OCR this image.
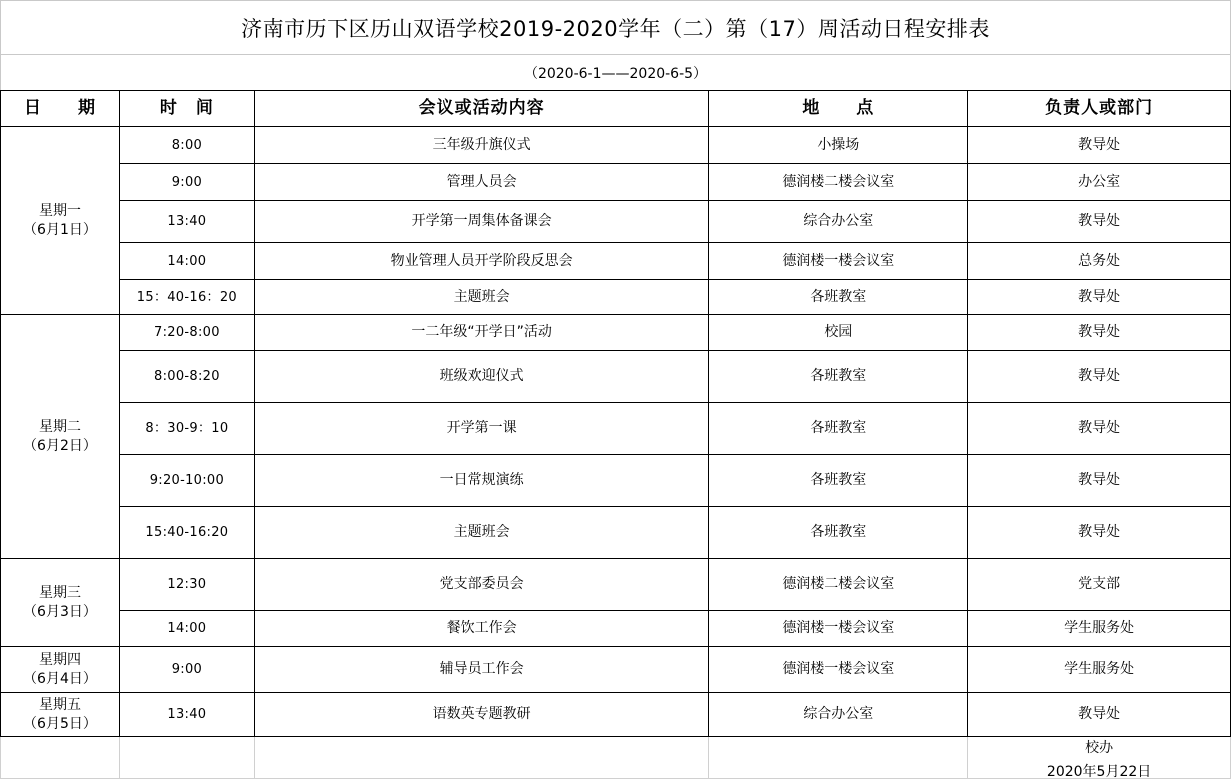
济南市历下区历山双语学校2019-2020学年（二）第（17）周活动日程安排表
（2020-6-1——2020-6-5）
日　　期	时　间	会议或活动内容	地　　点	负责人或部门

星期一
（6月1日）	8:00	三年级升旗仪式	小操场	教导处
	9:00	管理人员会	德润楼二楼会议室	办公室
	13:40	开学第一周集体备课会	综合办公室	教导处
	14:00	物业管理人员开学阶段反思会	德润楼一楼会议室	总务处
	15：40-16：20	主题班会	各班教室	教导处

星期二
（6月2日）	7:20-8:00	一二年级“开学日”活动	校园	教导处
	8:00-8:20	班级欢迎仪式	各班教室	教导处
	8：30-9：10	开学第一课	各班教室	教导处
	9:20-10:00	一日常规演练	各班教室	教导处
	15:40-16:20	主题班会	各班教室	教导处

星期三
（6月3日）	12:30	党支部委员会	德润楼二楼会议室	党支部
	14:00	餐饮工作会	德润楼一楼会议室	学生服务处

星期四
（6月4日）	9:00	辅导员工作会	德润楼一楼会议室	学生服务处

星期五
（6月5日）	13:40	语数英专题教研	综合办公室	教导处

				校办
2020年5月22日
